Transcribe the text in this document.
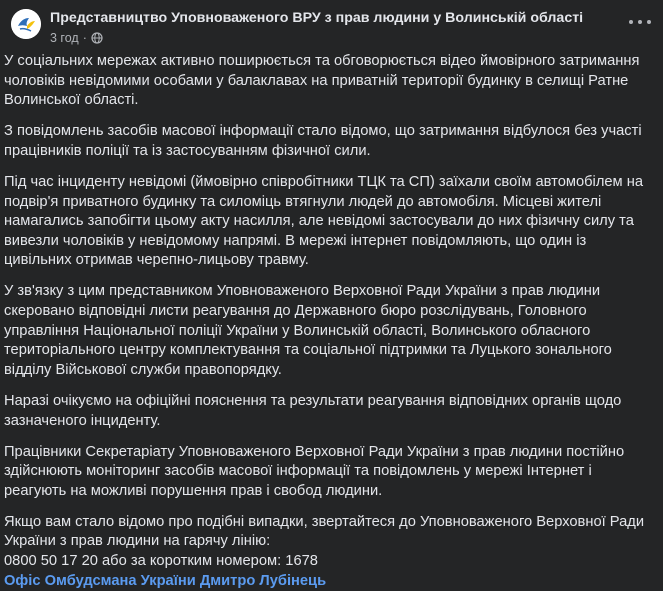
Представництво Уповноваженого ВРУ з прав людини у Волинській області
3 год ·

У соціальних мережах активно поширюється та обговорюється відео ймовірного затримання чоловіків невідомими особами у балаклавах на приватній території будинку в селищі Ратне Волинської області.

З повідомлень засобів масової інформації стало відомо, що затримання відбулося без участі працівників поліції та із застосуванням фізичної сили.

Під час інциденту невідомі (ймовірно співробітники ТЦК та СП) заїхали своїм автомобілем на подвір'я приватного будинку та силоміць втягнули людей до автомобіля. Місцеві жителі намагались запобігти цьому акту насилля, але невідомі застосували до них фізичну силу та вивезли чоловіків у невідомому напрямі. В мережі інтернет повідомляють, що один із цивільних отримав черепно-лицьову травму.

У зв'язку з цим представником Уповноваженого Верховної Ради України з прав людини скеровано відповідні листи реагування до Державного бюро розслідувань, Головного управління Національної поліції України у Волинській області, Волинського обласного територіального центру комплектування та соціальної підтримки та Луцького зонального відділу Військової служби правопорядку.

Наразі очікуємо на офіційні пояснення та результати реагування відповідних органів щодо зазначеного інциденту.

Працівники Секретаріату Уповноваженого Верховної Ради України з прав людини постійно здійснюють моніторинг засобів масової інформації та повідомлень у мережі Інтернет і реагують на можливі порушення прав і свобод людини.

Якщо вам стало відомо про подібні випадки, звертайтеся до Уповноваженого Верховної Ради України з прав людини на гарячу лінію:

0800 50 17 20 або за коротким номером: 1678

Офіс Омбудсмана України Дмитро Лубінець
